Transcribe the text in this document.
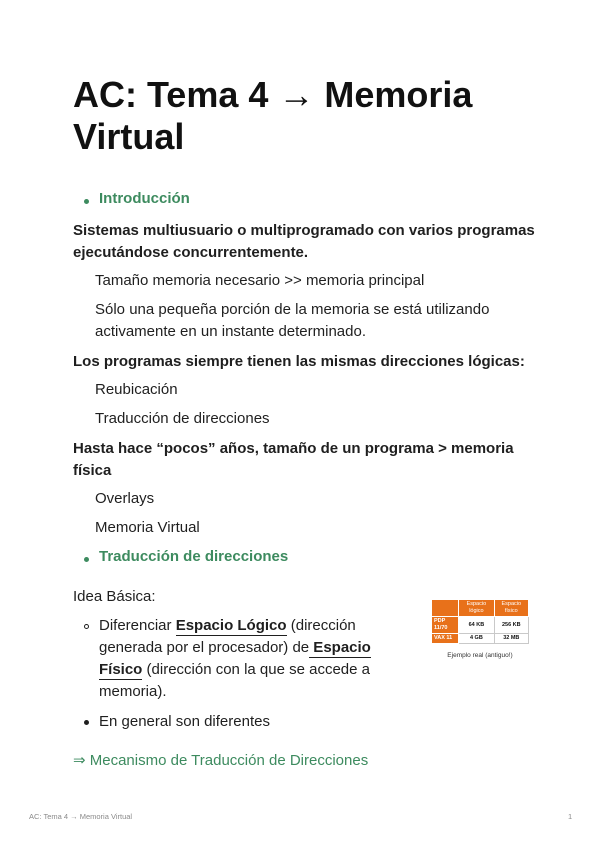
AC: Tema 4 → Memoria Virtual
Introducción
Sistemas multiusuario o multiprogramado con varios programas ejecutándose concurrentemente.
Tamaño memoria necesario >> memoria principal
Sólo una pequeña porción de la memoria se está utilizando activamente en un instante determinado.
Los programas siempre tienen las mismas direcciones lógicas:
Reubicación
Traducción de direcciones
Hasta hace “pocos” años, tamaño de un programa > memoria física
Overlays
Memoria Virtual
Traducción de direcciones
Idea Básica:
Diferenciar Espacio Lógico (dirección generada por el procesador) de Espacio Físico (dirección con la que se accede a memoria).
En general son diferentes
⇒ Mecanismo de Traducción de Direcciones
	Espacio lógico	Espacio físico
PDP 11/70	64 KB	256 KB
VAX 11	4 GB	32 MB
Ejemplo real (antiguo!)
AC: Tema 4 → Memoria Virtual	1
